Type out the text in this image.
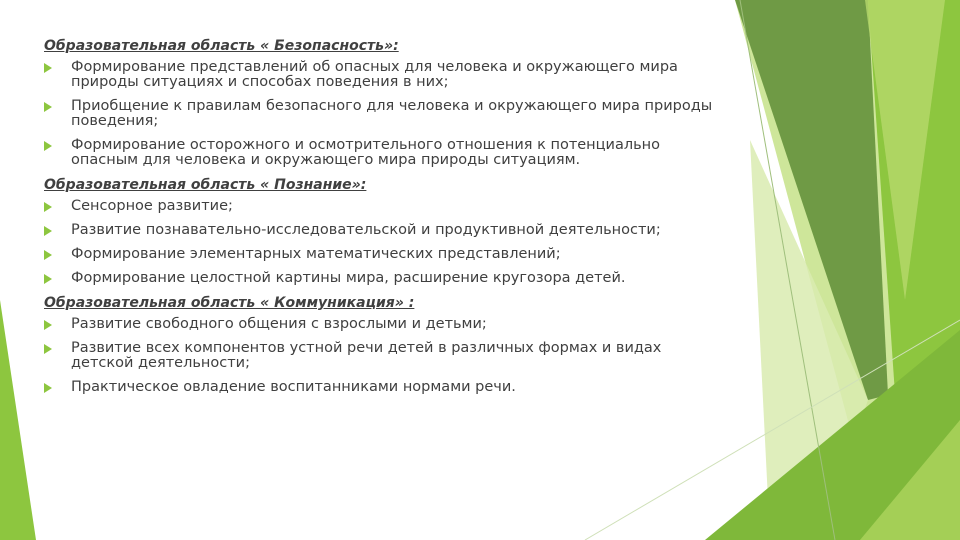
Образовательная область « Безопасность»:
Формирование представлений об опасных для человека и окружающего мира природы ситуациях и способах поведения в них;
Приобщение к правилам безопасного для человека и окружающего мира природы поведения;
Формирование осторожного и осмотрительного отношения к потенциально опасным для человека и окружающего мира природы ситуациям.
Образовательная область « Познание»:
Сенсорное развитие;
Развитие познавательно-исследовательской и продуктивной деятельности;
Формирование элементарных математических представлений;
Формирование целостной картины мира, расширение кругозора детей.
Образовательная область « Коммуникация» :
Развитие свободного общения с взрослыми и детьми;
Развитие всех компонентов устной речи детей в различных формах и видах детской деятельности;
Практическое овладение воспитанниками нормами речи.
